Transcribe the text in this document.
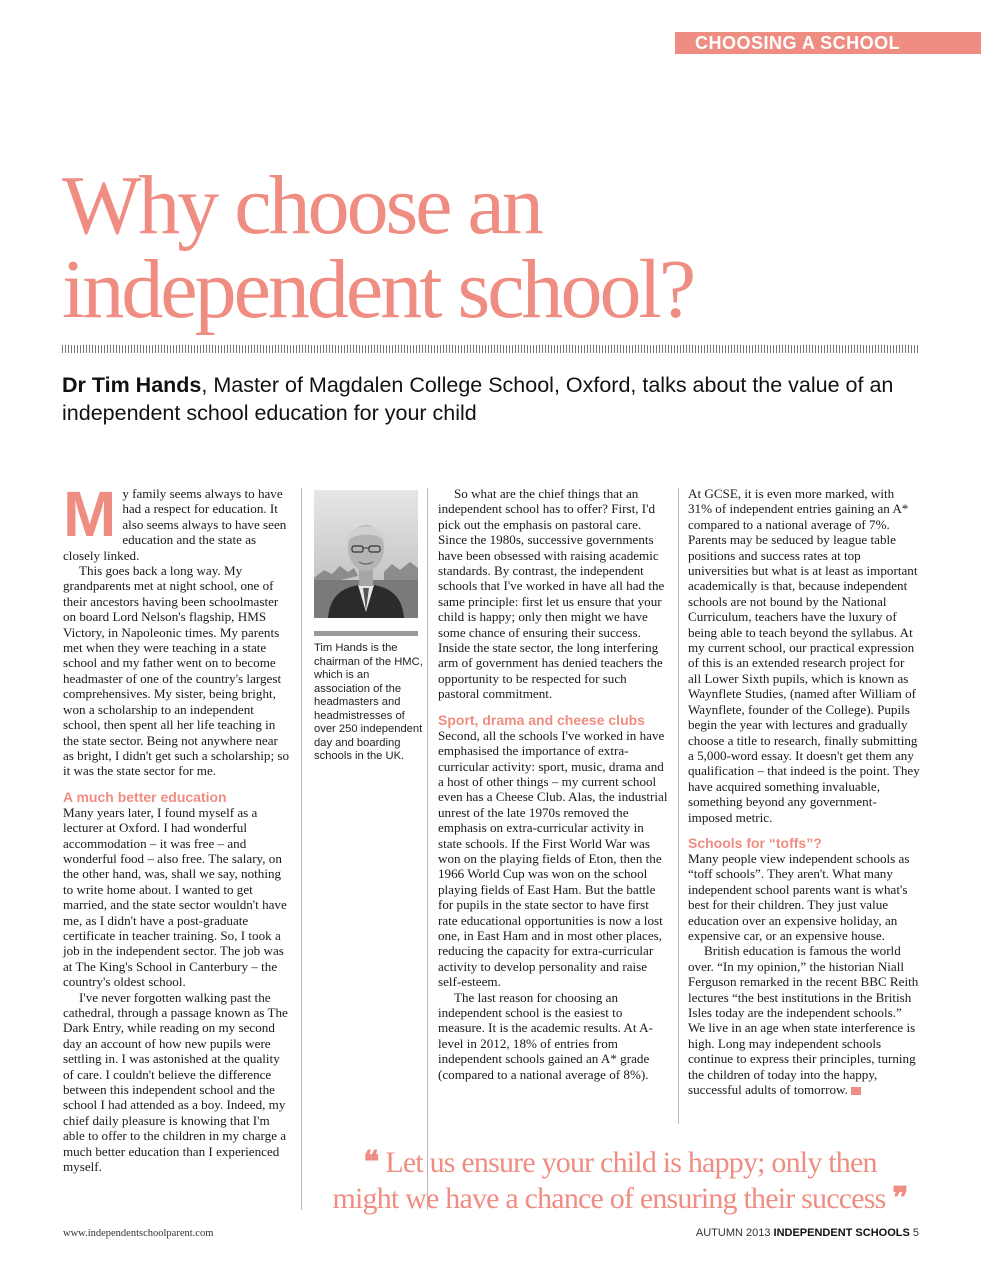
CHOOSING A SCHOOL
Why choose an
independent school?

Dr Tim Hands, Master of Magdalen College School, Oxford, talks about the value of an independent school education for your child

M y family seems always to have had a respect for education. It also seems always to have seen education and the state as closely linked.

This goes back a long way. My grandparents met at night school, one of their ancestors having been schoolmaster on board Lord Nelson's flagship, HMS Victory, in Napoleonic times. My parents met when they were teaching in a state school and my father went on to become headmaster of one of the country's largest comprehensives. My sister, being bright, won a scholarship to an independent school, then spent all her life teaching in the state sector. Being not anywhere near as bright, I didn't get such a scholarship; so it was the state sector for me.

A much better education

Many years later, I found myself as a lecturer at Oxford. I had wonderful accommodation – it was free – and wonderful food – also free. The salary, on the other hand, was, shall we say, nothing to write home about. I wanted to get married, and the state sector wouldn't have me, as I didn't have a post-graduate certificate in teacher training. So, I took a job in the independent sector. The job was at The King's School in Canterbury – the country's oldest school.

I've never forgotten walking past the cathedral, through a passage known as The Dark Entry, while reading on my second day an account of how new pupils were settling in. I was astonished at the quality of care. I couldn't believe the difference between this independent school and the school I had attended as a boy. Indeed, my chief daily pleasure is knowing that I'm able to offer to the children in my charge a much better education than I experienced myself.

Tim Hands is the chairman of the HMC, which is an association of the headmasters and headmistresses of over 250 independent day and boarding schools in the UK.

So what are the chief things that an independent school has to offer? First, I'd pick out the emphasis on pastoral care. Since the 1980s, successive governments have been obsessed with raising academic standards. By contrast, the independent schools that I've worked in have all had the same principle: first let us ensure that your child is happy; only then might we have some chance of ensuring their success. Inside the state sector, the long interfering arm of government has denied teachers the opportunity to be respected for such pastoral commitment.

Sport, drama and cheese clubs

Second, all the schools I've worked in have emphasised the importance of extra-curricular activity: sport, music, drama and a host of other things – my current school even has a Cheese Club. Alas, the industrial unrest of the late 1970s removed the emphasis on extra-curricular activity in state schools. If the First World War was won on the playing fields of Eton, then the 1966 World Cup was won on the school playing fields of East Ham. But the battle for pupils in the state sector to have first rate educational opportunities is now a lost one, in East Ham and in most other places, reducing the capacity for extra-curricular activity to develop personality and raise self-esteem.

The last reason for choosing an independent school is the easiest to measure. It is the academic results. At A-level in 2012, 18% of entries from independent schools gained an A* grade (compared to a national average of 8%).

At GCSE, it is even more marked, with 31% of independent entries gaining an A* compared to a national average of 7%. Parents may be seduced by league table positions and success rates at top universities but what is at least as important academically is that, because independent schools are not bound by the National Curriculum, teachers have the luxury of being able to teach beyond the syllabus. At my current school, our practical expression of this is an extended research project for all Lower Sixth pupils, which is known as Waynflete Studies, (named after William of Waynflete, founder of the College). Pupils begin the year with lectures and gradually choose a title to research, finally submitting a 5,000-word essay. It doesn't get them any qualification – that indeed is the point. They have acquired something invaluable, something beyond any government-imposed metric.

Schools for “toffs”?

Many people view independent schools as “toff schools”. They aren't. What many independent school parents want is what's best for their children. They just value education over an expensive holiday, an expensive car, or an expensive house.

British education is famous the world over. “In my opinion,” the historian Niall Ferguson remarked in the recent BBC Reith lectures “the best institutions in the British Isles today are the independent schools.” We live in an age when state interference is high. Long may independent schools continue to express their principles, turning the children of today into the happy, successful adults of tomorrow.	ISP

❝ Let us ensure your child is happy; only then
might we have a chance of ensuring their success ❞

www.independentschoolparent.com	AUTUMN 2013 INDEPENDENT SCHOOLS 5
